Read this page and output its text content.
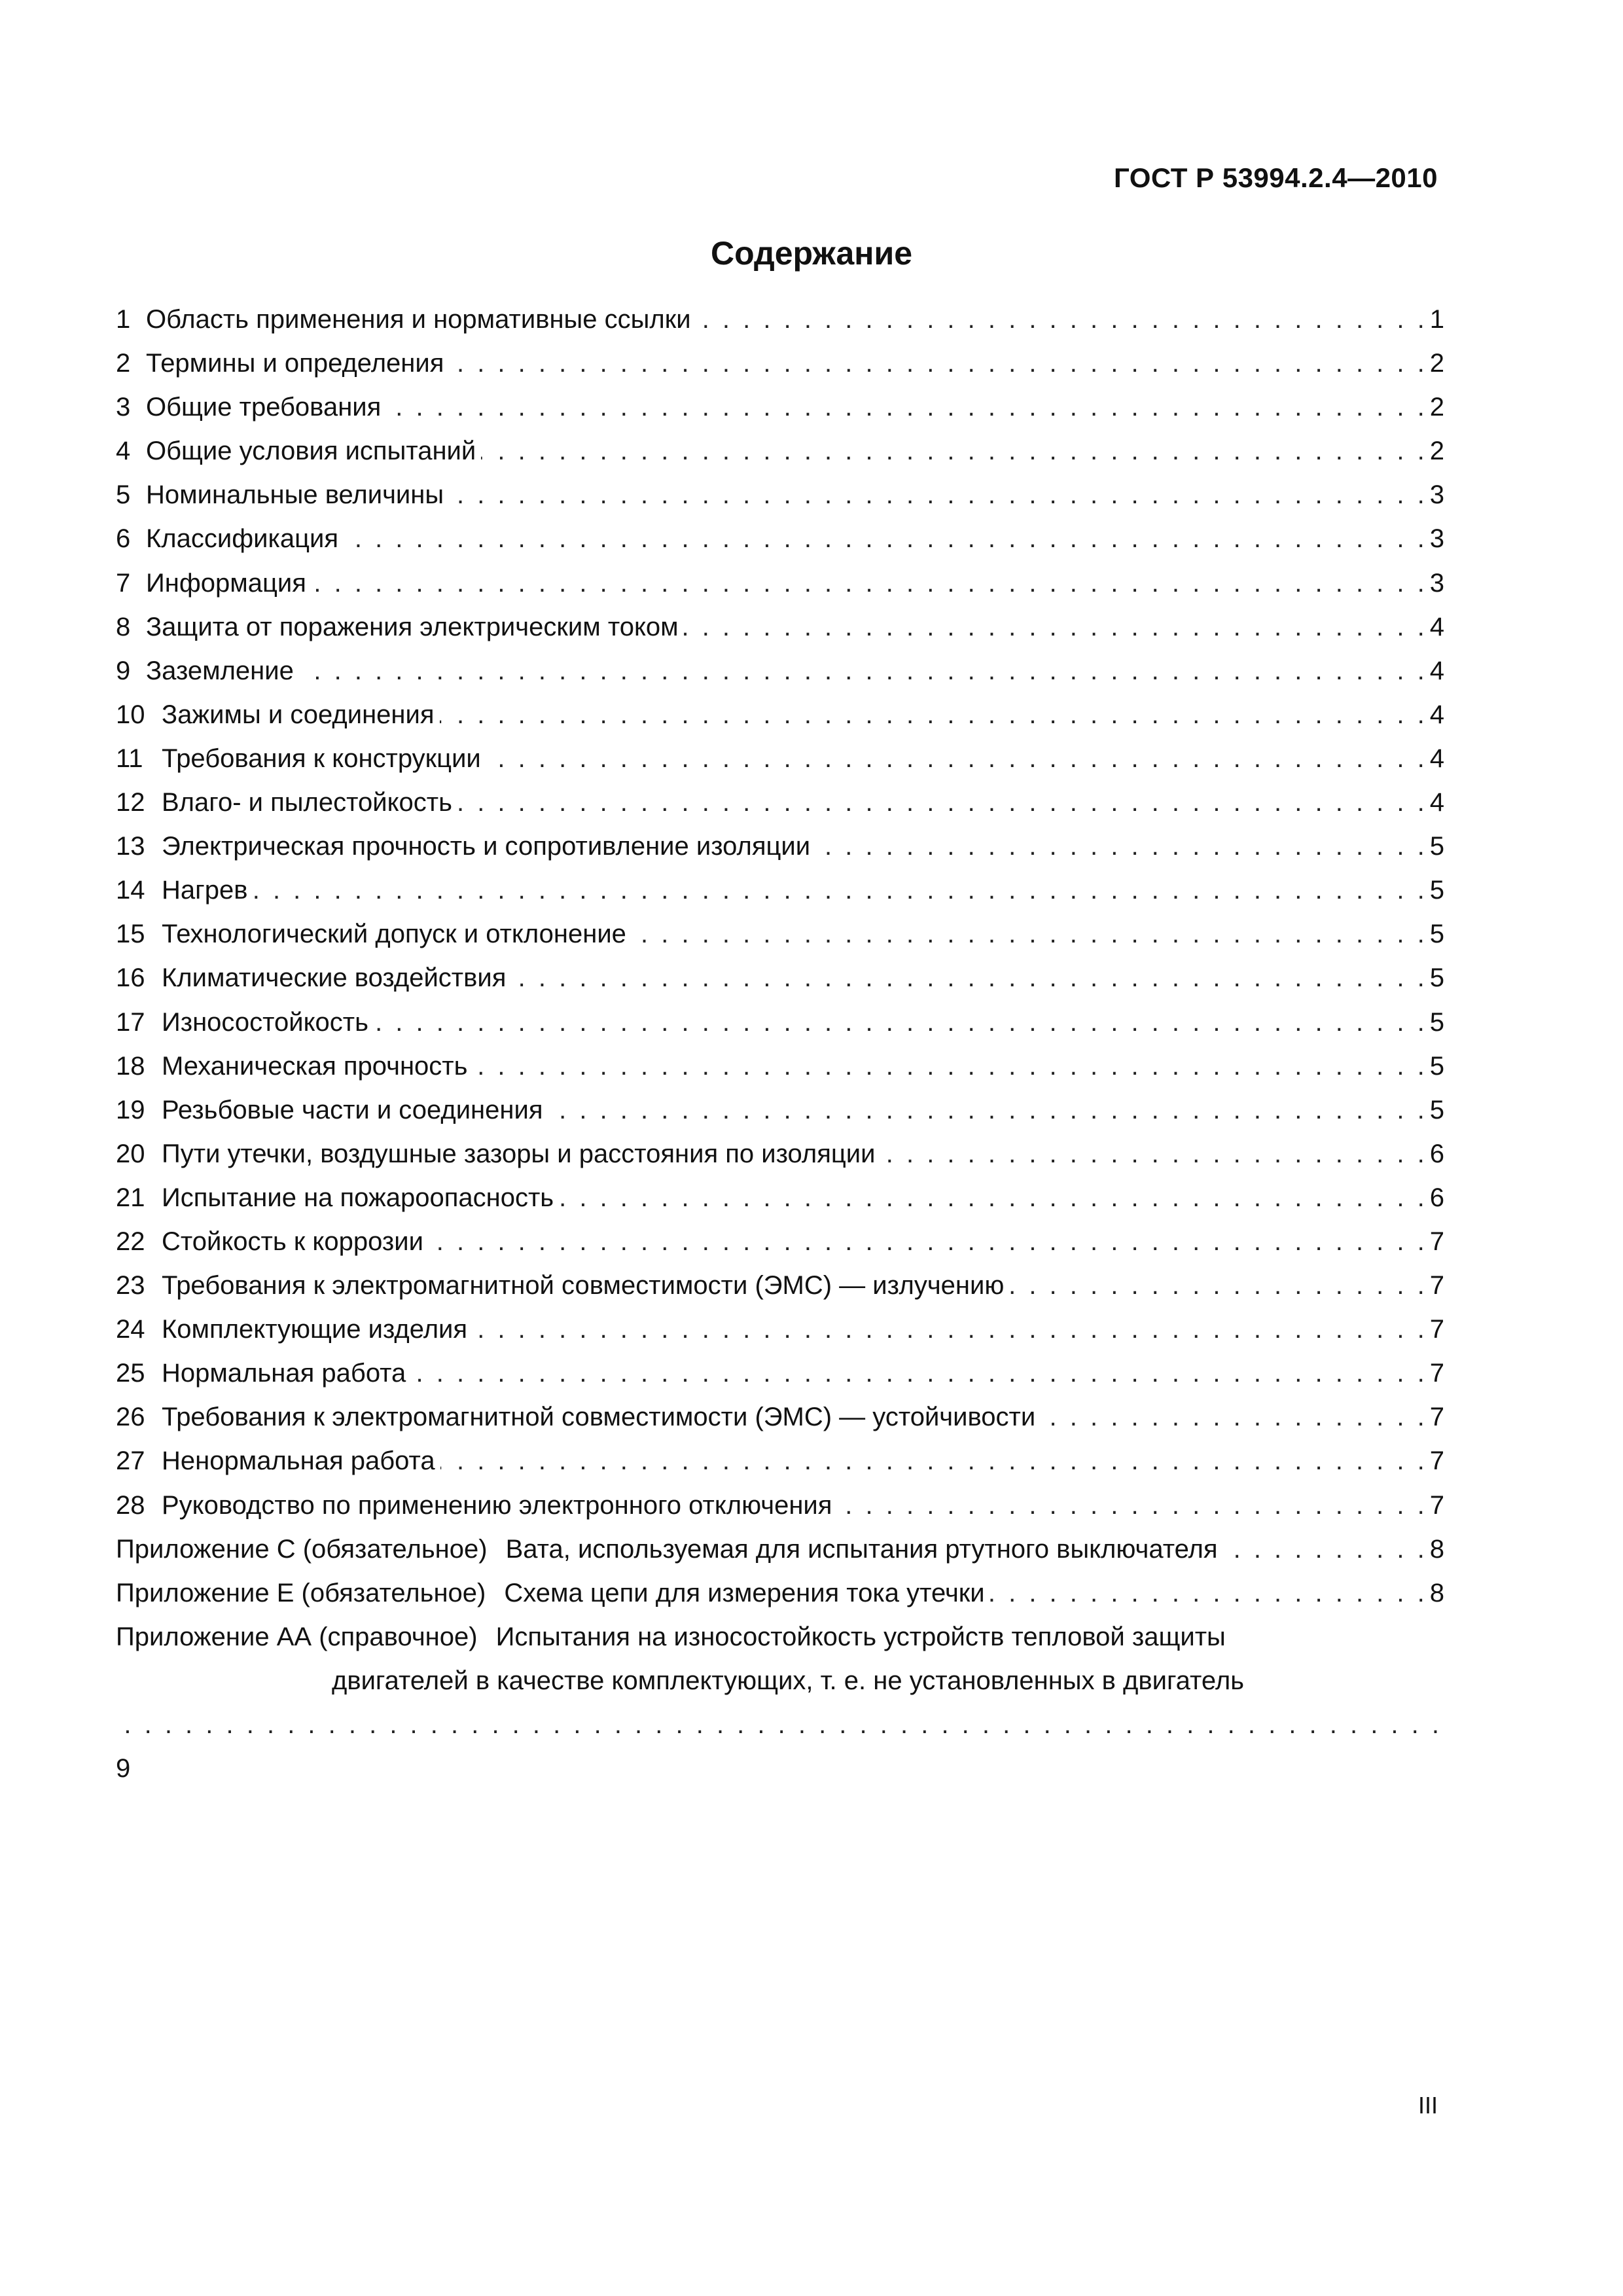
ГОСТ Р 53994.2.4—2010
Содержание
1 Область применения и нормативные ссылки . . .	1
2 Термины и определения . . .	2
3 Общие требования . . .	2
4 Общие условия испытаний . . .	2
5 Номинальные величины . . .	3
6 Классификация . . .	3
7 Информация . . .	3
8 Защита от поражения электрическим током . . .	4
9 Заземление . . .	4
10 Зажимы и соединения . . .	4
11 Требования к конструкции . . .	4
12 Влаго- и пылестойкость . . .	4
13 Электрическая прочность и сопротивление изоляции . . .	5
14 Нагрев . . .	5
15 Технологический допуск и отклонение . . .	5
16 Климатические воздействия . . .	5
17 Износостойкость . . .	5
18 Механическая прочность . . .	5
19 Резьбовые части и соединения . . .	5
20 Пути утечки, воздушные зазоры и расстояния по изоляции . . .	6
21 Испытание на пожароопасность . . .	6
22 Стойкость к коррозии . . .	7
23 Требования к электромагнитной совместимости (ЭМС) — излучению . . .	7
24 Комплектующие изделия . . .	7
25 Нормальная работа . . .	7
26 Требования к электромагнитной совместимости (ЭМС) — устойчивости . . .	7
27 Ненормальная работа . . .	7
28 Руководство по применению электронного отключения . . .	7
Приложение С (обязательное) Вата, используемая для испытания ртутного выключателя . . .	8
Приложение Е (обязательное) Схема цепи для измерения тока утечки . . .	8
Приложение АА (справочное) Испытания на износостойкость устройств тепловой защиты
двигателей в качестве комплектующих, т. е. не установленных в двигатель
. . .
9
III
